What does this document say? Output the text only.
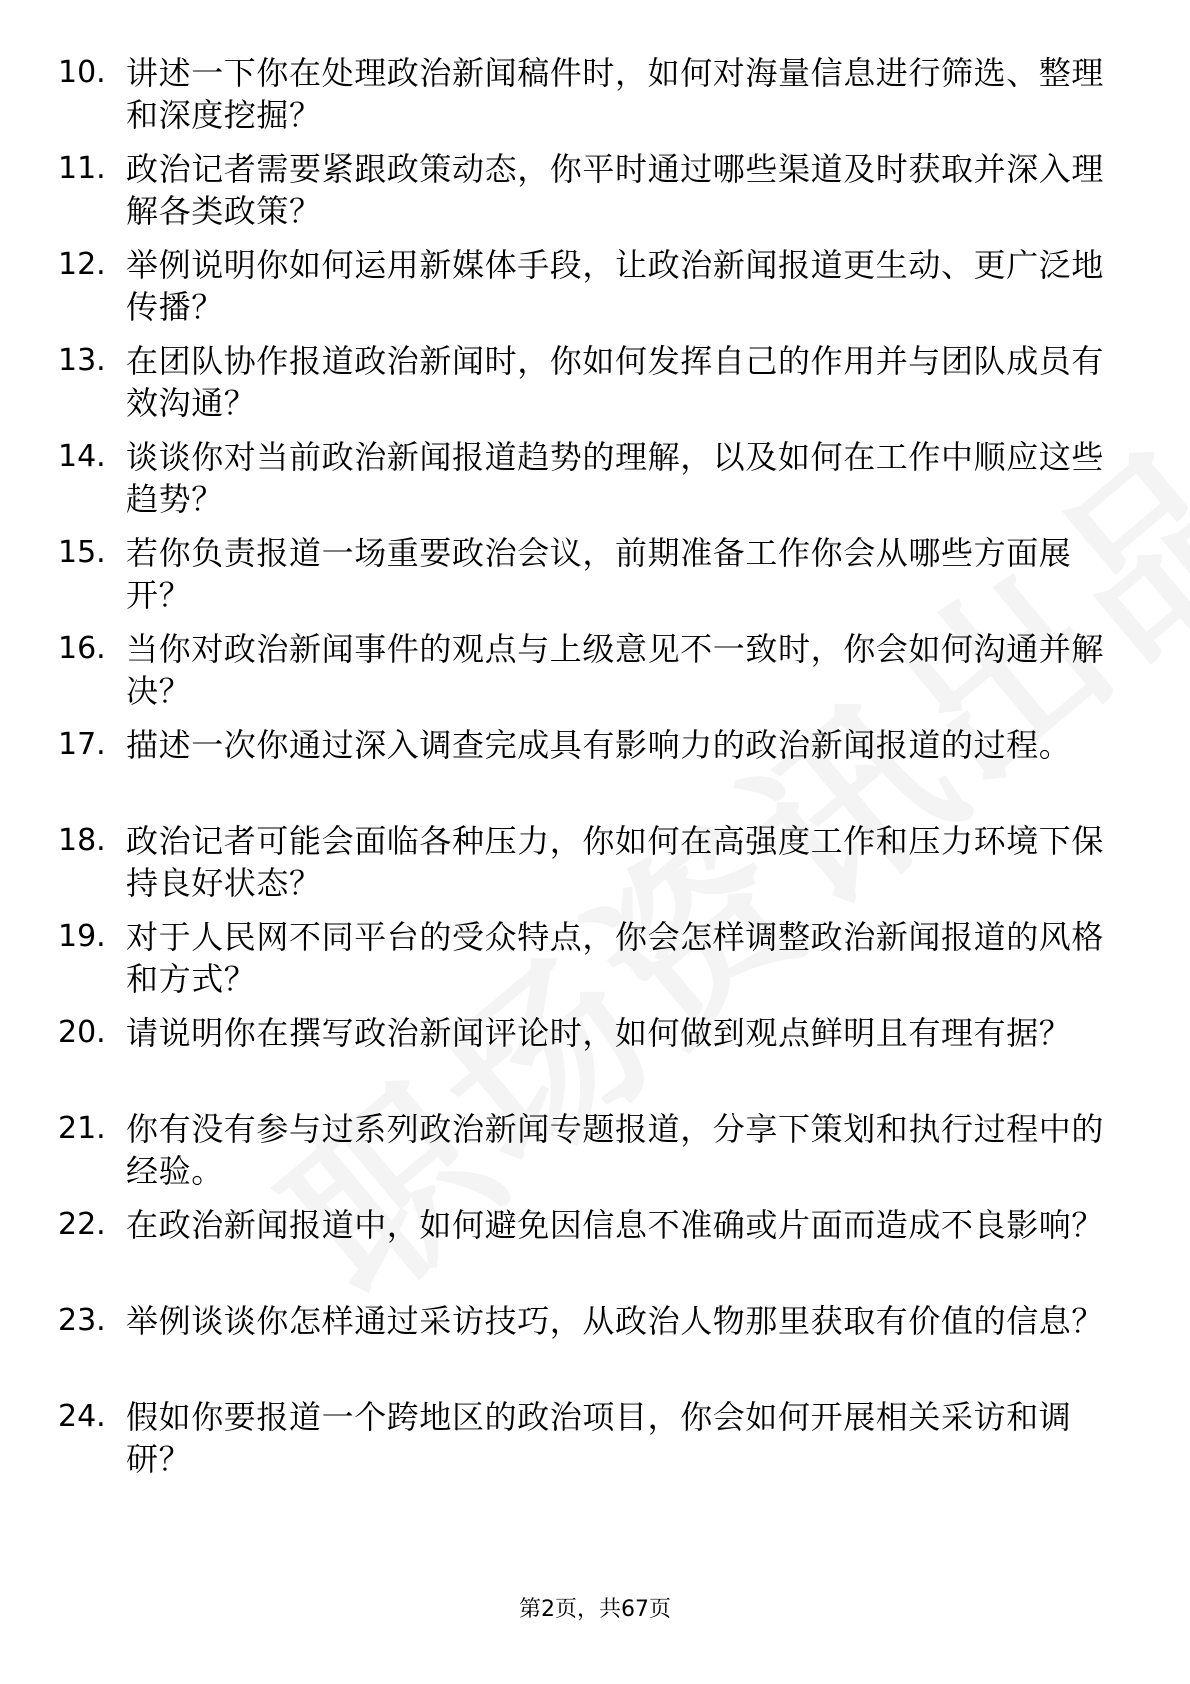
10. 讲述一下你在处理政治新闻稿件时，如何对海量信息进行筛选、整理和深度挖掘？
11. 政治记者需要紧跟政策动态，你平时通过哪些渠道及时获取并深入理解各类政策？
12. 举例说明你如何运用新媒体手段，让政治新闻报道更生动、更广泛地传播？
13. 在团队协作报道政治新闻时，你如何发挥自己的作用并与团队成员有效沟通？
14. 谈谈你对当前政治新闻报道趋势的理解，以及如何在工作中顺应这些趋势？
15. 若你负责报道一场重要政治会议，前期准备工作你会从哪些方面展开？
16. 当你对政治新闻事件的观点与上级意见不一致时，你会如何沟通并解决？
17. 描述一次你通过深入调查完成具有影响力的政治新闻报道的过程。
18. 政治记者可能会面临各种压力，你如何在高强度工作和压力环境下保持良好状态？
19. 对于人民网不同平台的受众特点，你会怎样调整政治新闻报道的风格和方式？
20. 请说明你在撰写政治新闻评论时，如何做到观点鲜明且有理有据？
21. 你有没有参与过系列政治新闻专题报道，分享下策划和执行过程中的经验。
22. 在政治新闻报道中，如何避免因信息不准确或片面而造成不良影响？
23. 举例谈谈你怎样通过采访技巧，从政治人物那里获取有价值的信息？
24. 假如你要报道一个跨地区的政治项目，你会如何开展相关采访和调研？
第2页，共67页
